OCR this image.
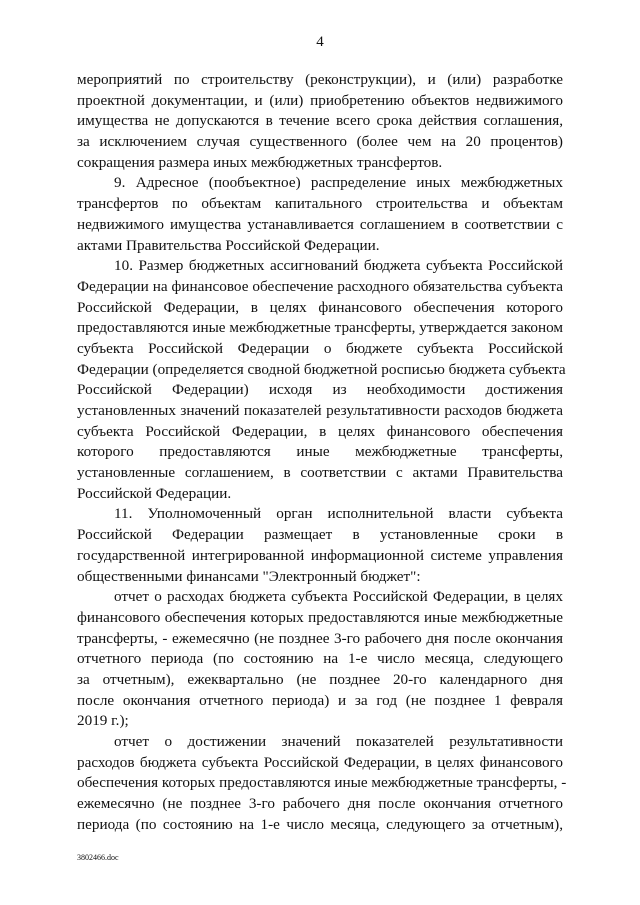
4
мероприятий по строительству (реконструкции), и (или) разработке
проектной документации, и (или) приобретению объектов недвижимого
имущества не допускаются в течение всего срока действия соглашения,
за исключением случая существенного (более чем на 20 процентов)
сокращения размера иных межбюджетных трансфертов.
9. Адресное (пообъектное) распределение иных межбюджетных
трансфертов по объектам капитального строительства и объектам
недвижимого имущества устанавливается соглашением в соответствии с
актами Правительства Российской Федерации.
10. Размер бюджетных ассигнований бюджета субъекта Российской
Федерации на финансовое обеспечение расходного обязательства субъекта
Российской Федерации, в целях финансового обеспечения которого
предоставляются иные межбюджетные трансферты, утверждается законом
субъекта Российской Федерации о бюджете субъекта Российской
Федерации (определяется сводной бюджетной росписью бюджета субъекта
Российской Федерации) исходя из необходимости достижения
установленных значений показателей результативности расходов бюджета
субъекта Российской Федерации, в целях финансового обеспечения
которого предоставляются иные межбюджетные трансферты,
установленные соглашением, в соответствии с актами Правительства
Российской Федерации.
11. Уполномоченный орган исполнительной власти субъекта
Российской Федерации размещает в установленные сроки в
государственной интегрированной информационной системе управления
общественными финансами "Электронный бюджет":
отчет о расходах бюджета субъекта Российской Федерации, в целях
финансового обеспечения которых предоставляются иные межбюджетные
трансферты, - ежемесячно (не позднее 3-го рабочего дня после окончания
отчетного периода (по состоянию на 1-е число месяца, следующего
за отчетным), ежеквартально (не позднее 20-го календарного дня
после окончания отчетного периода) и за год (не позднее 1 февраля
2019 г.);
отчет о достижении значений показателей результативности
расходов бюджета субъекта Российской Федерации, в целях финансового
обеспечения которых предоставляются иные межбюджетные трансферты, -
ежемесячно (не позднее 3-го рабочего дня после окончания отчетного
периода (по состоянию на 1-е число месяца, следующего за отчетным),
3802466.doc
